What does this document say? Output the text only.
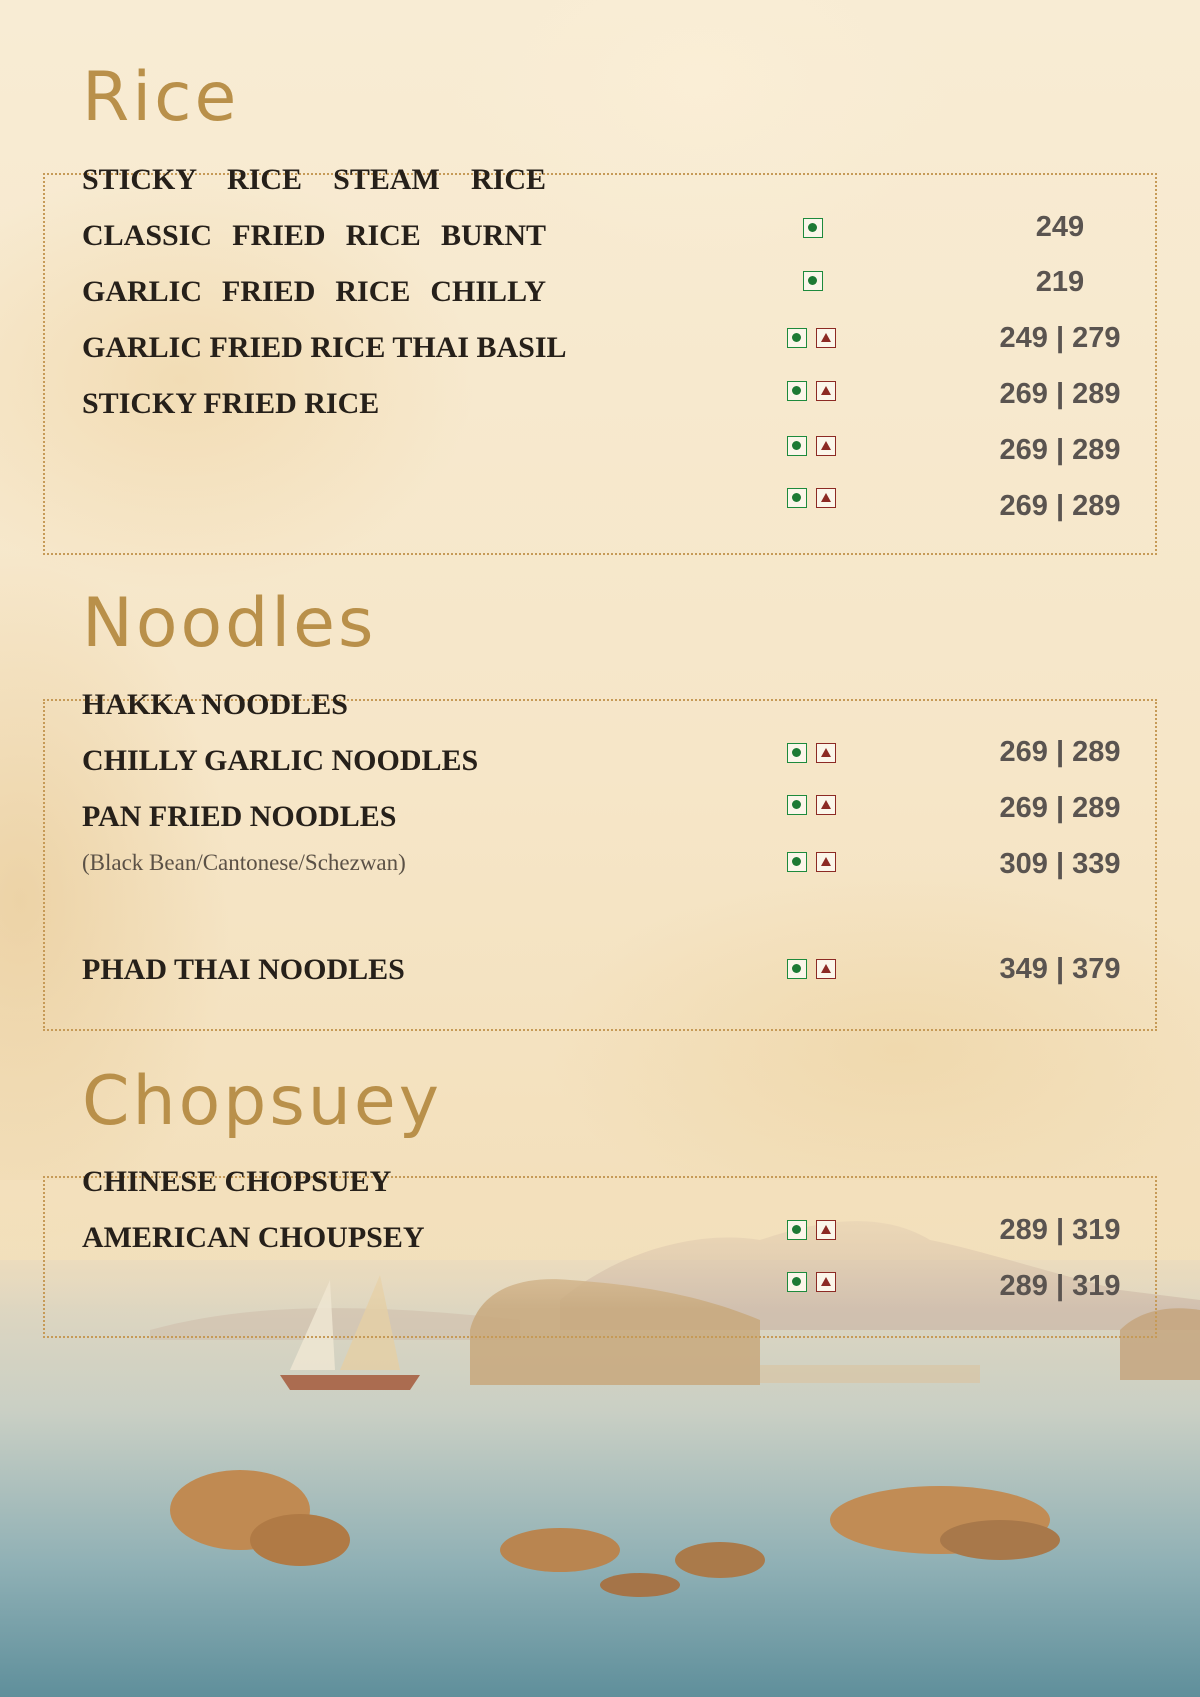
Rice

STICKY RICE STEAM RICE

CLASSIC FRIED RICE BURNT

GARLIC FRIED RICE CHILLY

GARLIC FRIED RICE THAI BASIL

STICKY FRIED RICE

249

219

249 | 279

269 | 289

269 | 289

269 | 289

Noodles

HAKKA NOODLES

CHILLY GARLIC NOODLES

PAN FRIED NOODLES

(Black Bean/Cantonese/Schezwan)

PHAD THAI NOODLES

269 | 289

269 | 289

309 | 339

349 | 379

Chopsuey

CHINESE CHOPSUEY

AMERICAN CHOUPSEY	289 | 319

289 | 319
